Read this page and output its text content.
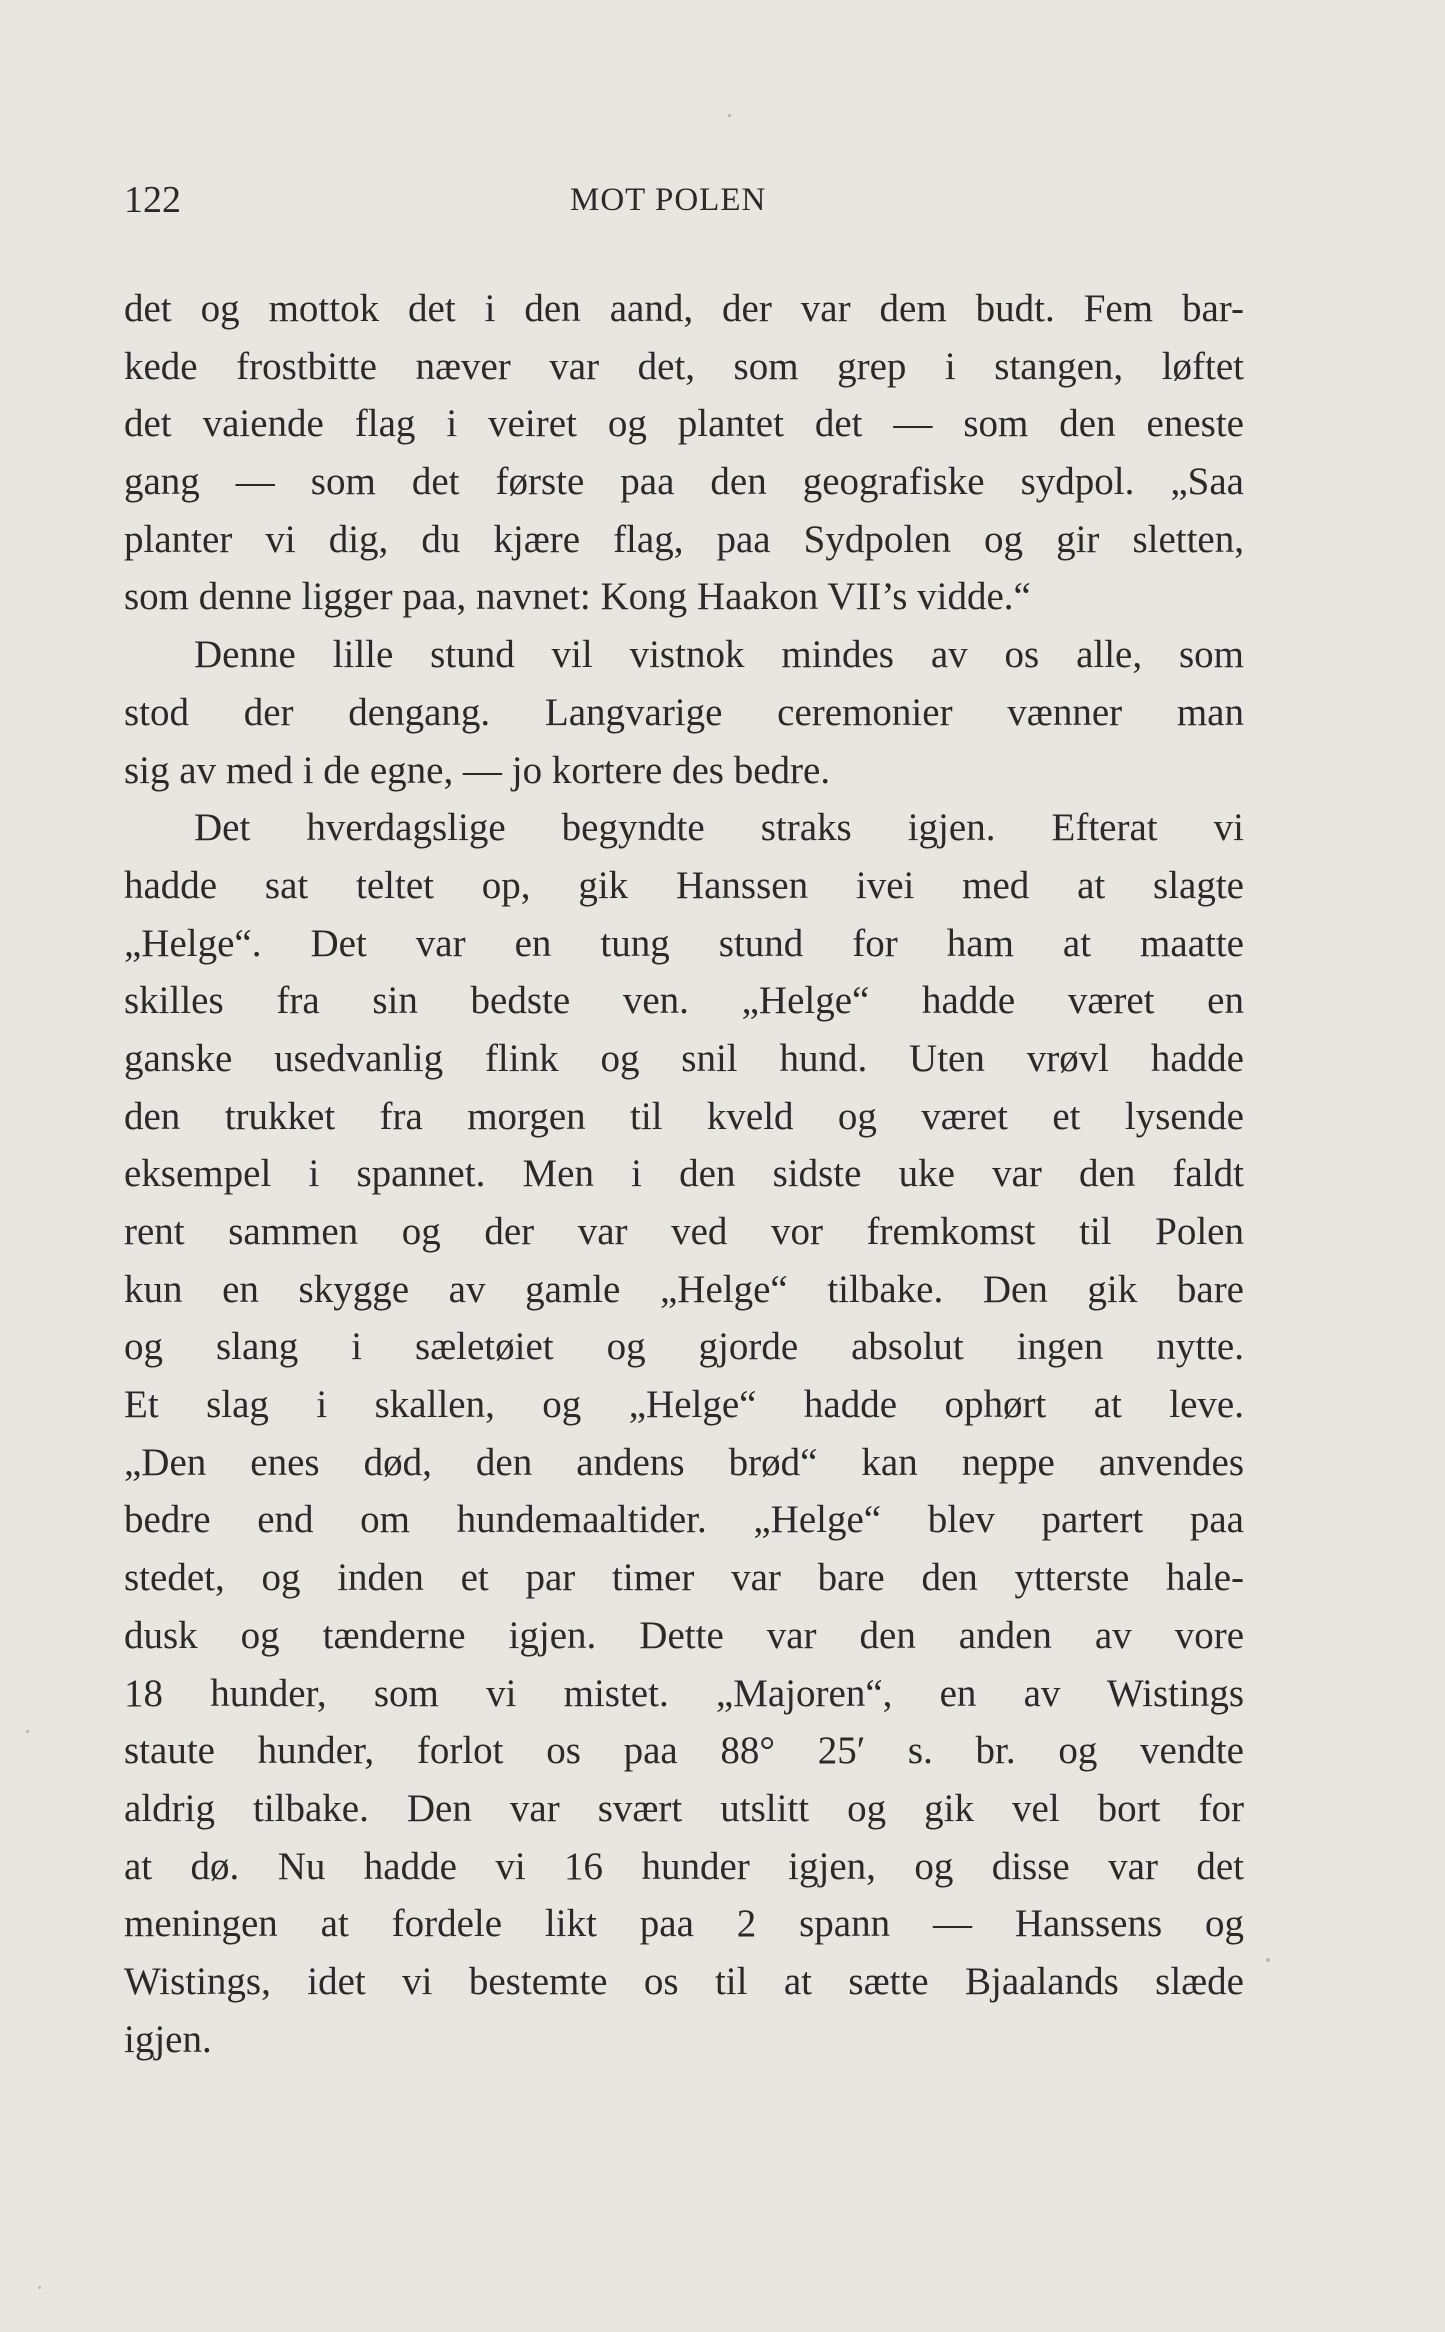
122	MOT POLEN
det og mottok det i den aand, der var dem budt. Fem bar-
kede frostbitte næver var det, som grep i stangen, løftet
det vaiende flag i veiret og plantet det — som den eneste
gang — som det første paa den geografiske sydpol. „Saa
planter vi dig, du kjære flag, paa Sydpolen og gir sletten,
som denne ligger paa, navnet: Kong Haakon VII’s vidde.“
Denne lille stund vil vistnok mindes av os alle, som
stod der dengang. Langvarige ceremonier vænner man
sig av med i de egne, — jo kortere des bedre.
Det hverdagslige begyndte straks igjen. Efterat vi
hadde sat teltet op, gik Hanssen ivei med at slagte
„Helge“. Det var en tung stund for ham at maatte
skilles fra sin bedste ven. „Helge“ hadde været en
ganske usedvanlig flink og snil hund. Uten vrøvl hadde
den trukket fra morgen til kveld og været et lysende
eksempel i spannet. Men i den sidste uke var den faldt
rent sammen og der var ved vor fremkomst til Polen
kun en skygge av gamle „Helge“ tilbake. Den gik bare
og slang i sæletøiet og gjorde absolut ingen nytte.
Et slag i skallen, og „Helge“ hadde ophørt at leve.
„Den enes død, den andens brød“ kan neppe anvendes
bedre end om hundemaaltider. „Helge“ blev partert paa
stedet, og inden et par timer var bare den ytterste hale-
dusk og tænderne igjen. Dette var den anden av vore
18 hunder, som vi mistet. „Majoren“, en av Wistings
staute hunder, forlot os paa 88° 25′ s. br. og vendte
aldrig tilbake. Den var svært utslitt og gik vel bort for
at dø. Nu hadde vi 16 hunder igjen, og disse var det
meningen at fordele likt paa 2 spann — Hanssens og
Wistings, idet vi bestemte os til at sætte Bjaalands slæde
igjen.
